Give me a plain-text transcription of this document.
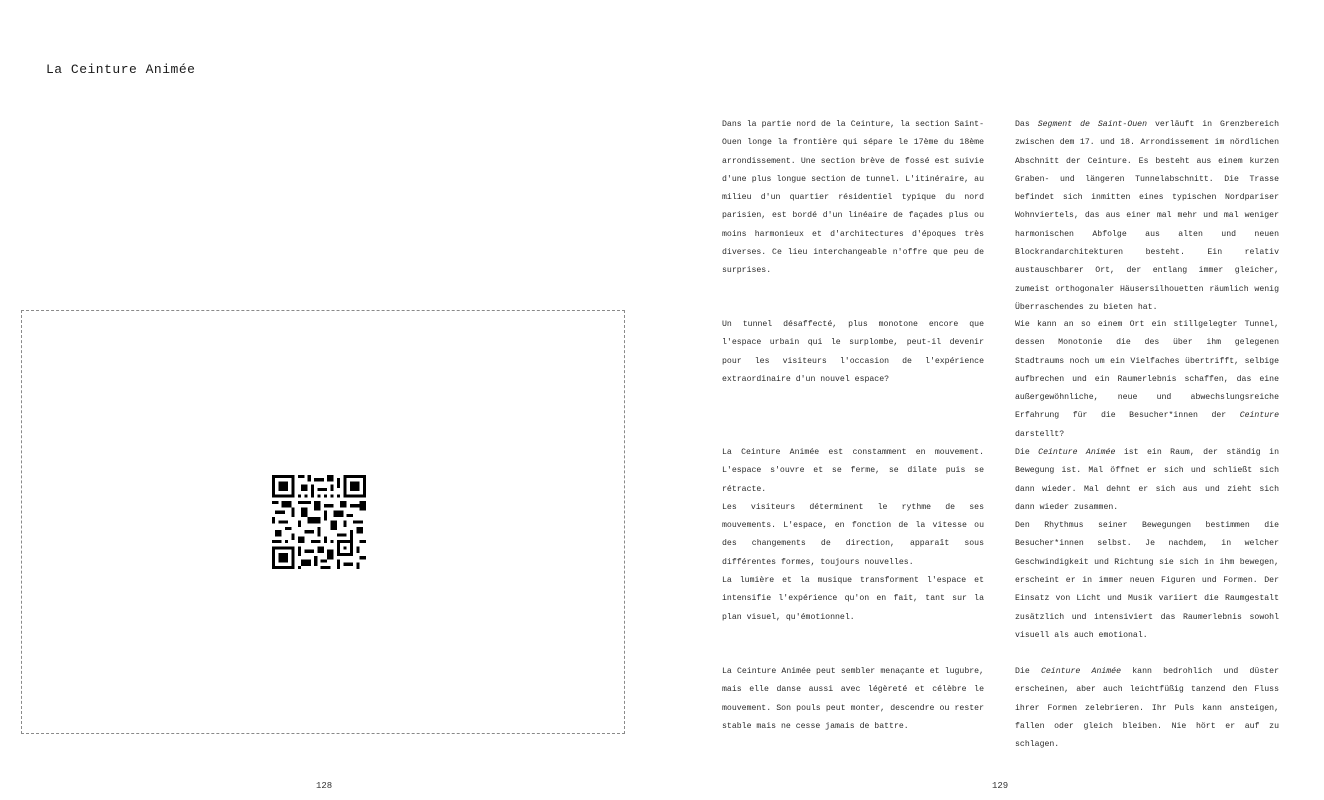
La Ceinture Animée
128

Dans la partie nord de la Ceinture, la section Saint-Ouen longe la frontière qui sépare le 17ème du 18ème arrondissement. Une section brève de fossé est suivie d'une plus longue section de tunnel. L'itinéraire, au milieu d'un quartier résidentiel typique du nord parisien, est bordé d'un linéaire de façades plus ou moins harmonieux et d'architectures d'époques très diverses. Ce lieu interchangeable n'offre que peu de surprises.

Das Segment de Saint-Ouen verläuft in Grenzbereich zwischen dem 17. und 18. Arrondissement im nördlichen Abschnitt der Ceinture. Es besteht aus einem kurzen Graben- und längeren Tunnelabschnitt. Die Trasse befindet sich inmitten eines typischen Nordpariser Wohnviertels, das aus einer mal mehr und mal weniger harmonischen Abfolge aus alten und neuen Blockrandarchitekturen besteht. Ein relativ austauschbarer Ort, der entlang immer gleicher, zumeist orthogonaler Häusersilhouetten räumlich wenig Überraschendes zu bieten hat.

Un tunnel désaffecté, plus monotone encore que l'espace urbain qui le surplombe, peut-il devenir pour les visiteurs l'occasion de l'expérience extraordinaire d'un nouvel espace?

Wie kann an so einem Ort ein stillgelegter Tunnel, dessen Monotonie die des über ihm gelegenen Stadtraums noch um ein Vielfaches übertrifft, selbige aufbrechen und ein Raumerlebnis schaffen, das eine außergewöhnliche, neue und abwechslungsreiche Erfahrung für die Besucher*innen der Ceinture darstellt?

La Ceinture Animée est constamment en mouvement. L'espace s'ouvre et se ferme, se dilate puis se rétracte.

Les visiteurs déterminent le rythme de ses mouvements. L'espace, en fonction de la vitesse ou des changements de direction, apparaît sous différentes formes, toujours nouvelles.

La lumière et la musique transforment l'espace et intensifie l'expérience qu'on en fait, tant sur la plan visuel, qu'émotionnel.

Die Ceinture Animée ist ein Raum, der ständig in Bewegung ist. Mal öffnet er sich und schließt sich dann wieder. Mal dehnt er sich aus und zieht sich dann wieder zusammen.

Den Rhythmus seiner Bewegungen bestimmen die Besucher*innen selbst. Je nachdem, in welcher Geschwindigkeit und Richtung sie sich in ihm bewegen, erscheint er in immer neuen Figuren und Formen. Der Einsatz von Licht und Musik variiert die Raumgestalt zusätzlich und intensiviert das Raumerlebnis sowohl visuell als auch emotional.

La Ceinture Animée peut sembler menaçante et lugubre, mais elle danse aussi avec légèreté et célèbre le mouvement. Son pouls peut monter, descendre ou rester stable mais ne cesse jamais de battre.

Die Ceinture Animée kann bedrohlich und düster erscheinen, aber auch leichtfüßig tanzend den Fluss ihrer Formen zelebrieren. Ihr Puls kann ansteigen, fallen oder gleich bleiben. Nie hört er auf zu schlagen.

129
